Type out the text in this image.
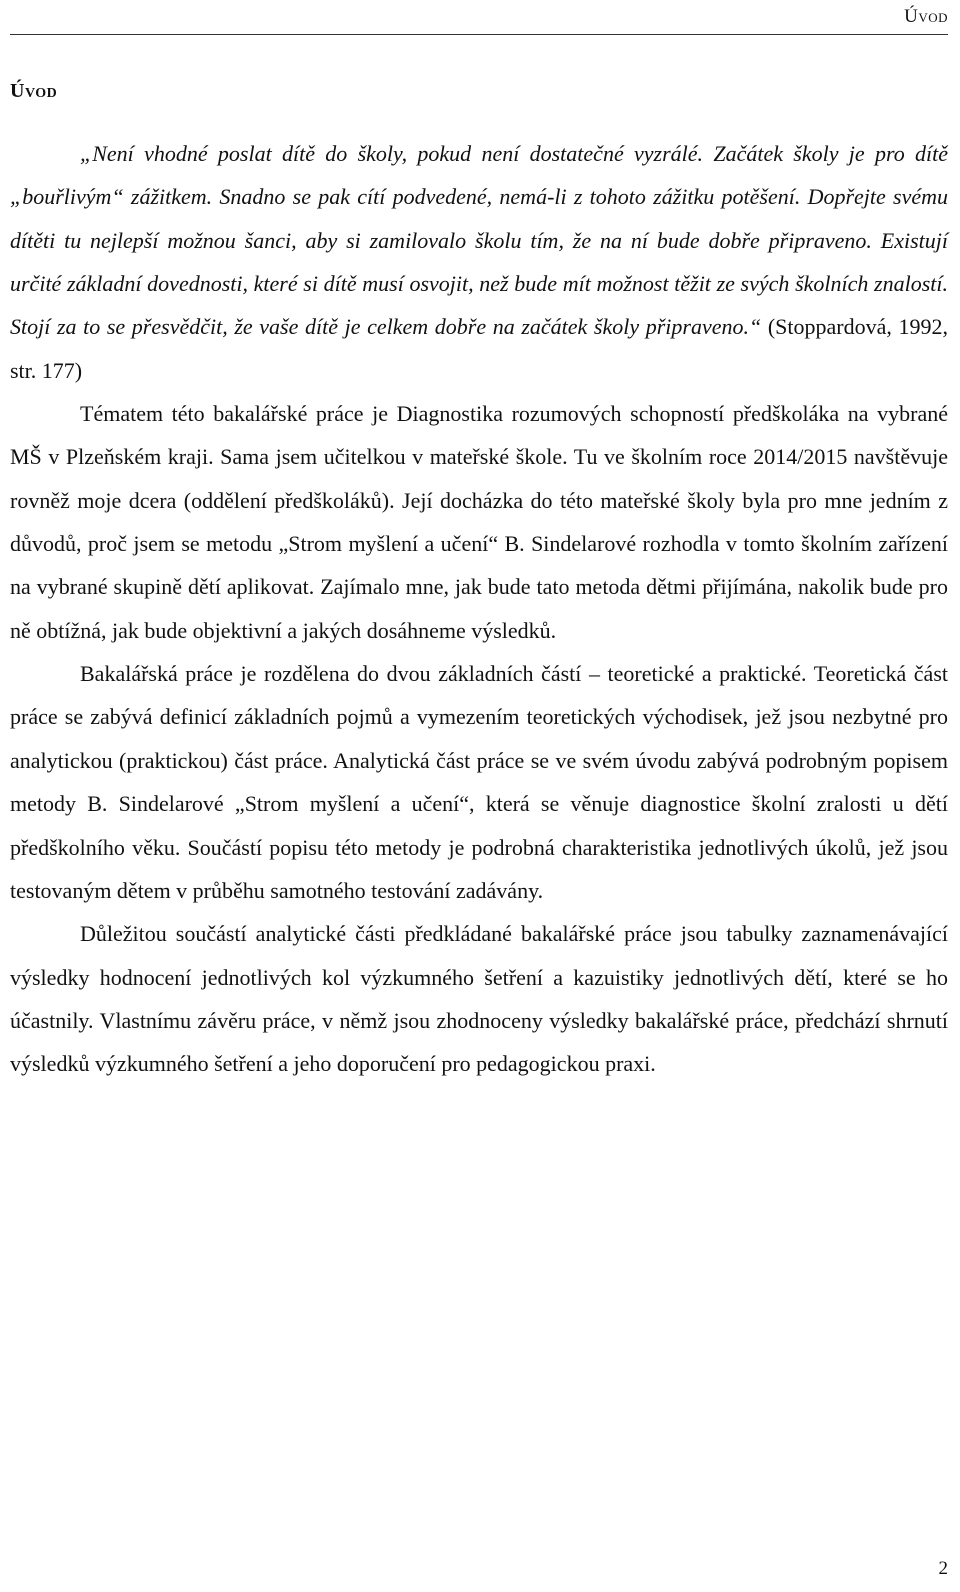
Úvod
Úvod

„Není vhodné poslat dítě do školy, pokud není dostatečné vyzrálé. Začátek školy je pro dítě „bouřlivým“ zážitkem. Snadno se pak cítí podvedené, nemá-li z tohoto zážitku potěšení. Dopřejte svému dítěti tu nejlepší možnou šanci, aby si zamilovalo školu tím, že na ní bude dobře připraveno. Existují určité základní dovednosti, které si dítě musí osvojit, než bude mít možnost těžit ze svých školních znalostí. Stojí za to se přesvědčit, že vaše dítě je celkem dobře na začátek školy připraveno.“ (Stoppardová, 1992, str. 177)

Tématem této bakalářské práce je Diagnostika rozumových schopností předškoláka na vybrané MŠ v Plzeňském kraji. Sama jsem učitelkou v mateřské škole. Tu ve školním roce 2014/2015 navštěvuje rovněž moje dcera (oddělení předškoláků). Její docházka do této mateřské školy byla pro mne jedním z důvodů, proč jsem se metodu „Strom myšlení a učení“ B. Sindelarové rozhodla v tomto školním zařízení na vybrané skupině dětí aplikovat. Zajímalo mne, jak bude tato metoda dětmi přijímána, nakolik bude pro ně obtížná, jak bude objektivní a jakých dosáhneme výsledků.

Bakalářská práce je rozdělena do dvou základních částí – teoretické a praktické. Teoretická část práce se zabývá definicí základních pojmů a vymezením teoretických východisek, jež jsou nezbytné pro analytickou (praktickou) část práce. Analytická část práce se ve svém úvodu zabývá podrobným popisem metody B. Sindelarové „Strom myšlení a učení“, která se věnuje diagnostice školní zralosti u dětí předškolního věku. Součástí popisu této metody je podrobná charakteristika jednotlivých úkolů, jež jsou testovaným dětem v průběhu samotného testování zadávány.

Důležitou součástí analytické části předkládané bakalářské práce jsou tabulky zaznamenávající výsledky hodnocení jednotlivých kol výzkumného šetření a kazuistiky jednotlivých dětí, které se ho účastnily. Vlastnímu závěru práce, v němž jsou zhodnoceny výsledky bakalářské práce, předchází shrnutí výsledků výzkumného šetření a jeho doporučení pro pedagogickou praxi.

2
